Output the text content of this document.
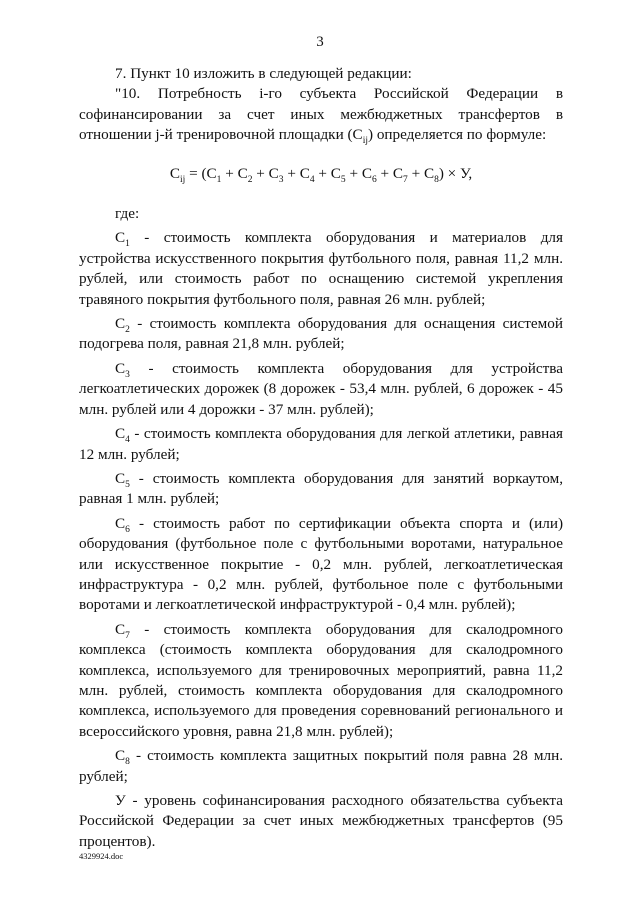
3

7. Пункт 10 изложить в следующей редакции:

"10. Потребность i-го субъекта Российской Федерации в софинансировании за счет иных межбюджетных трансфертов в отношении j-й тренировочной площадки $(C_{ij})$ определяется по формуле:

$C_{ij} = (C_1 + C_2 + C_3 + C_4 + C_5 + C_6 + C_7 + C_8) \times У$,

где:

$C_1$ - стоимость комплекта оборудования и материалов для устройства искусственного покрытия футбольного поля, равная 11,2 млн. рублей, или стоимость работ по оснащению системой укрепления травяного покрытия футбольного поля, равная 26 млн. рублей;

$C_2$ - стоимость комплекта оборудования для оснащения системой подогрева поля, равная 21,8 млн. рублей;

$C_3$ - стоимость комплекта оборудования для устройства легкоатлетических дорожек (8 дорожек - 53,4 млн. рублей, 6 дорожек - 45 млн. рублей или 4 дорожки - 37 млн. рублей);

$C_4$ - стоимость комплекта оборудования для легкой атлетики, равная 12 млн. рублей;

$C_5$ - стоимость комплекта оборудования для занятий воркаутом, равная 1 млн. рублей;

$C_6$ - стоимость работ по сертификации объекта спорта и (или) оборудования (футбольное поле с футбольными воротами, натуральное или искусственное покрытие - 0,2 млн. рублей, легкоатлетическая инфраструктура - 0,2 млн. рублей, футбольное поле с футбольными воротами и легкоатлетической инфраструктурой - 0,4 млн. рублей);

$C_7$ - стоимость комплекта оборудования для скалодромного комплекса (стоимость комплекта оборудования для скалодромного комплекса, используемого для тренировочных мероприятий, равна 11,2 млн. рублей, стоимость комплекта оборудования для скалодромного комплекса, используемого для проведения соревнований регионального и всероссийского уровня, равна 21,8 млн. рублей);

$C_8$ - стоимость комплекта защитных покрытий поля равна 28 млн. рублей;

У - уровень софинансирования расходного обязательства субъекта Российской Федерации за счет иных межбюджетных трансфертов (95 процентов).

4329924.doc
